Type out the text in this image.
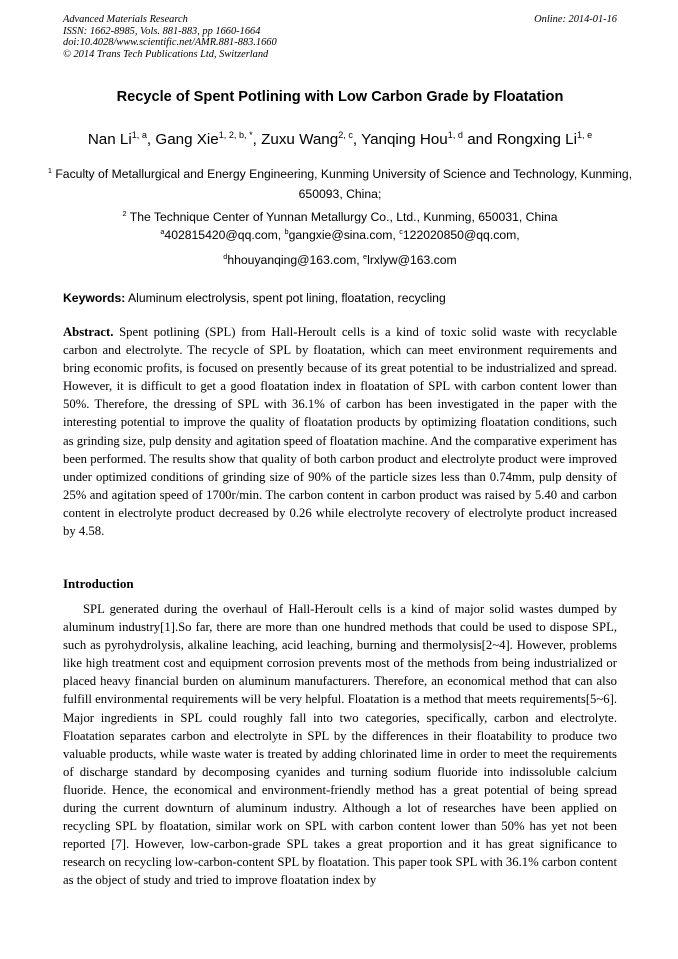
Advanced Materials Research
ISSN: 1662-8985, Vols. 881-883, pp 1660-1664
doi:10.4028/www.scientific.net/AMR.881-883.1660
© 2014 Trans Tech Publications Ltd, Switzerland
Online: 2014-01-16
Recycle of Spent Potlining with Low Carbon Grade by Floatation
Nan Li$^{1, a}$, Gang Xie$^{1, 2, b, *}$, Zuxu Wang$^{2, c}$, Yanqing Hou$^{1, d}$ and Rongxing Li$^{1, e}$
$^1$ Faculty of Metallurgical and Energy Engineering, Kunming University of Science and Technology, Kunming, 650093, China;
$^2$ The Technique Center of Yunnan Metallurgy Co., Ltd., Kunming, 650031, China
$^a$402815420@qq.com, $^b$gangxie@sina.com, $^c$122020850@qq.com,
$^d$hhouyanqing@163.com, $^e$lrxlyw@163.com
Keywords: Aluminum electrolysis, spent pot lining, floatation, recycling

Abstract. Spent potlining (SPL) from Hall-Heroult cells is a kind of toxic solid waste with recyclable carbon and electrolyte. The recycle of SPL by floatation, which can meet environment requirements and bring economic profits, is focused on presently because of its great potential to be industrialized and spread. However, it is difficult to get a good floatation index in floatation of SPL with carbon content lower than 50%. Therefore, the dressing of SPL with 36.1% of carbon has been investigated in the paper with the interesting potential to improve the quality of floatation products by optimizing floatation conditions, such as grinding size, pulp density and agitation speed of floatation machine. And the comparative experiment has been performed. The results show that quality of both carbon product and electrolyte product were improved under optimized conditions of grinding size of 90% of the particle sizes less than 0.74mm, pulp density of 25% and agitation speed of 1700r/min. The carbon content in carbon product was raised by 5.40 and carbon content in electrolyte product decreased by 0.26 while electrolyte recovery of electrolyte product increased by 4.58.

Introduction

SPL generated during the overhaul of Hall-Heroult cells is a kind of major solid wastes dumped by aluminum industry[1].So far, there are more than one hundred methods that could be used to dispose SPL, such as pyrohydrolysis, alkaline leaching, acid leaching, burning and thermolysis[2~4]. However, problems like high treatment cost and equipment corrosion prevents most of the methods from being industrialized or placed heavy financial burden on aluminum manufacturers. Therefore, an economical method that can also fulfill environmental requirements will be very helpful. Floatation is a method that meets requirements[5~6]. Major ingredients in SPL could roughly fall into two categories, specifically, carbon and electrolyte. Floatation separates carbon and electrolyte in SPL by the differences in their floatability to produce two valuable products, while waste water is treated by adding chlorinated lime in order to meet the requirements of discharge standard by decomposing cyanides and turning sodium fluoride into indissoluble calcium fluoride. Hence, the economical and environment-friendly method has a great potential of being spread during the current downturn of aluminum industry. Although a lot of researches have been applied on recycling SPL by floatation, similar work on SPL with carbon content lower than 50% has yet not been reported [7]. However, low-carbon-grade SPL takes a great proportion and it has great significance to research on recycling low-carbon-content SPL by floatation. This paper took SPL with 36.1% carbon content as the object of study and tried to improve floatation index by
